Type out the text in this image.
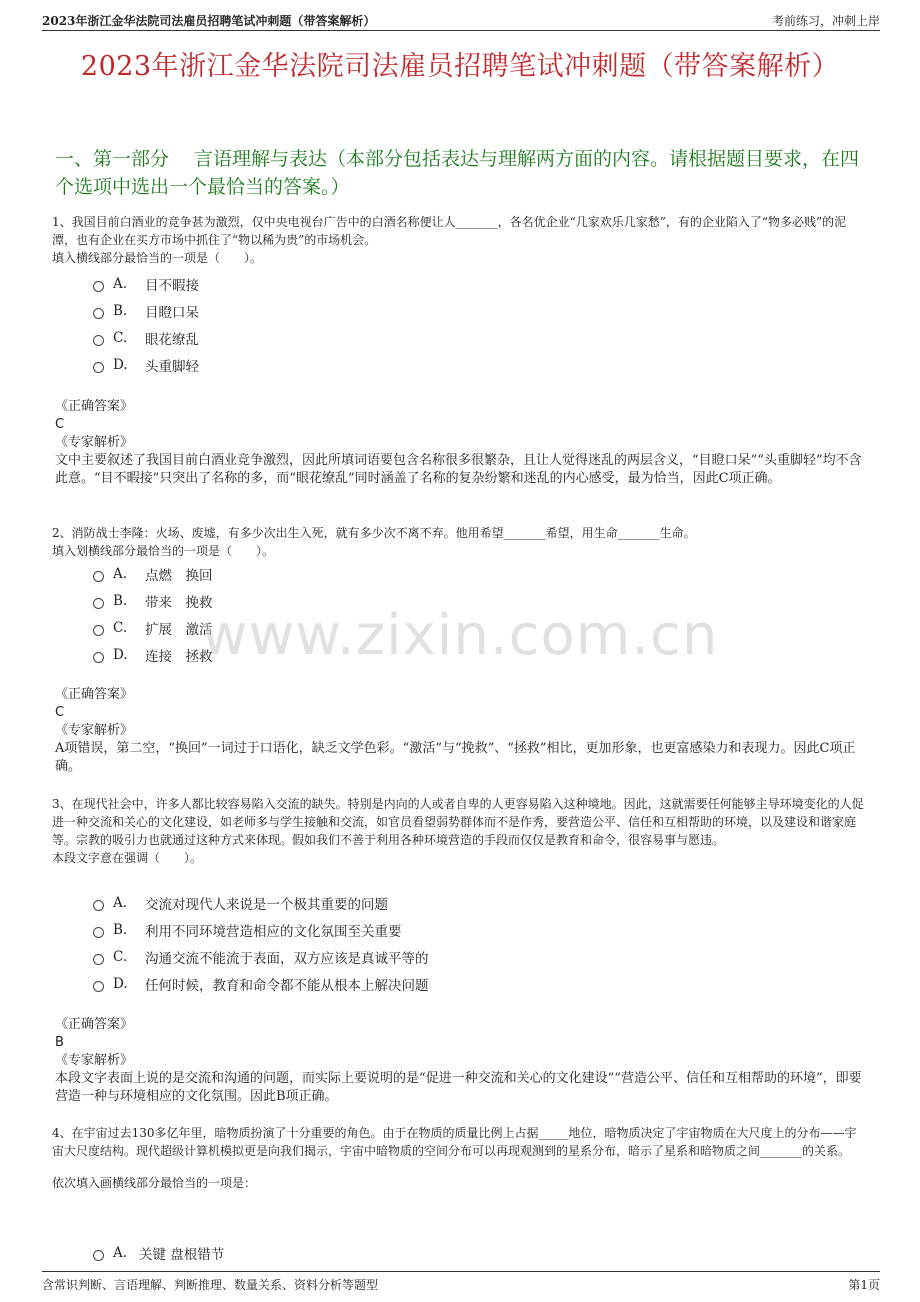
2023年浙江金华法院司法雇员招聘笔试冲刺题（带答案解析）	考前练习，冲刺上岸
2023年浙江金华法院司法雇员招聘笔试冲刺题（带答案解析）
一、第一部分　 言语理解与表达（本部分包括表达与理解两方面的内容。请根据题目要求，在四个选项中选出一个最恰当的答案。）
1、我国目前白酒业的竞争甚为激烈，仅中央电视台广告中的白酒名称便让人_______，各名优企业“几家欢乐几家愁”，有的企业陷入了“物多必贱”的泥潭，也有企业在买方市场中抓住了“物以稀为贵”的市场机会。
填入横线部分最恰当的一项是（　　）。
A.	目不暇接
B.	目瞪口呆
C.	眼花缭乱
D.	头重脚轻
《正确答案》
C
《专家解析》
文中主要叙述了我国目前白酒业竞争激烈，因此所填词语要包含名称很多很繁杂，且让人觉得迷乱的两层含义，“目瞪口呆”“头重脚轻”均不含此意。“目不暇接”只突出了名称的多，而“眼花缭乱”同时涵盖了名称的复杂纷繁和迷乱的内心感受，最为恰当，因此C项正确。
2、消防战士李隆：火场、废墟，有多少次出生入死，就有多少次不离不弃。他用希望_______希望，用生命_______生命。
填入划横线部分最恰当的一项是（　　）。
A.	点燃　换回
B.	带来　挽救
C.	扩展　激活
D.	连接　拯救
《正确答案》
C
《专家解析》
A项错误，第二空，“换回”一词过于口语化，缺乏文学色彩。“激活”与“挽救”、“拯救”相比，更加形象，也更富感染力和表现力。因此C项正确。
3、在现代社会中，许多人都比较容易陷入交流的缺失。特别是内向的人或者自卑的人更容易陷入这种境地。因此，这就需要任何能够主导环境变化的人促进一种交流和关心的文化建设，如老师多与学生接触和交流，如官员看望弱势群体而不是作秀，要营造公平、信任和互相帮助的环境，以及建设和谐家庭等。宗教的吸引力也就通过这种方式来体现。假如我们不善于利用各种环境营造的手段而仅仅是教育和命令，很容易事与愿违。
本段文字意在强调（　　）。
A.	交流对现代人来说是一个极其重要的问题
B.	利用不同环境营造相应的文化氛围至关重要
C.	沟通交流不能流于表面，双方应该是真诚平等的
D.	任何时候，教育和命令都不能从根本上解决问题
《正确答案》
B
《专家解析》
本段文字表面上说的是交流和沟通的问题，而实际上要说明的是“促进一种交流和关心的文化建设”“营造公平、信任和互相帮助的环境”，即要营造一种与环境相应的文化氛围。因此B项正确。
4、在宇宙过去130多亿年里，暗物质扮演了十分重要的角色。由于在物质的质量比例上占据_____地位，暗物质决定了宇宙物质在大尺度上的分布——宇宙大尺度结构。现代超级计算机模拟更是向我们揭示，宇宙中暗物质的空间分布可以再现观测到的星系分布，暗示了星系和暗物质之间_______的关系。
依次填入画横线部分最恰当的一项是：
A. 关键 盘根错节
www.zixin.com.cn
含常识判断、言语理解、判断推理、数量关系、资料分析等题型	第1页
